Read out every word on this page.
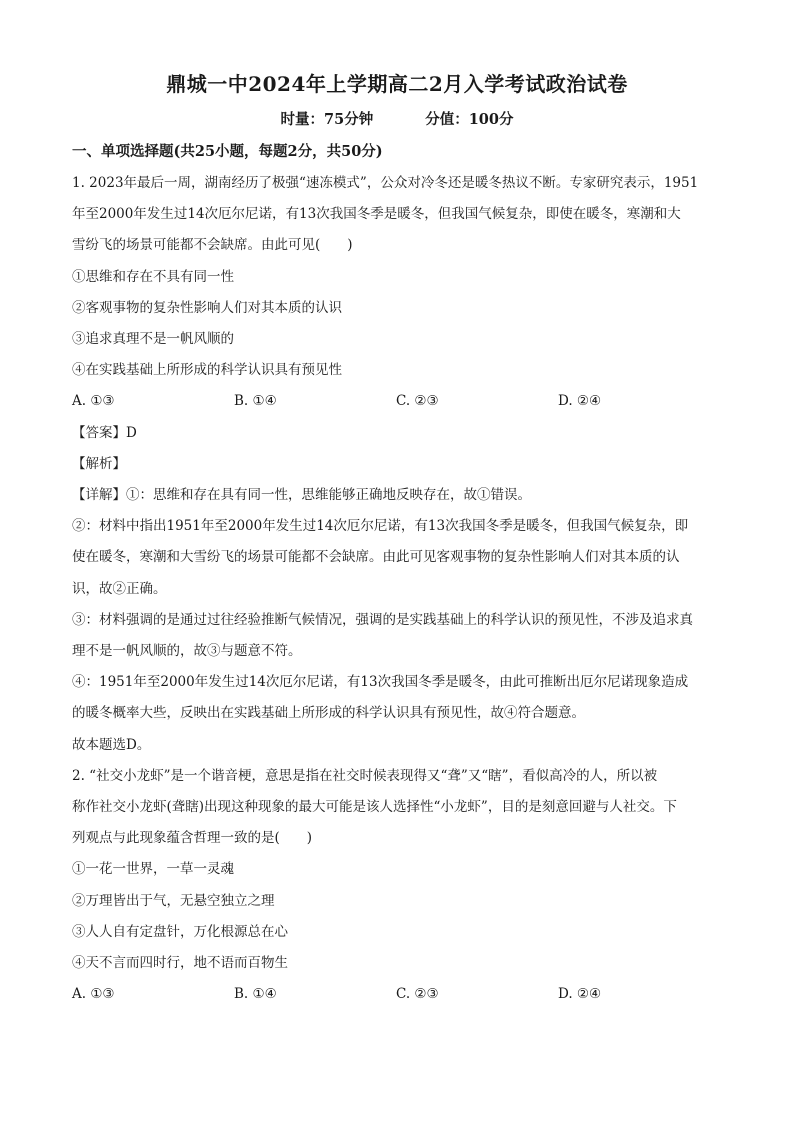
鼎城一中2024年上学期高二2月入学考试政治试卷
时量：75分钟	分值：100分
一、单项选择题(共25小题，每题2分，共50分)

1. 2023年最后一周，湖南经历了极强“速冻模式”，公众对冷冬还是暖冬热议不断。专家研究表示，1951

年至2000年发生过14次厄尔尼诺，有13次我国冬季是暖冬，但我国气候复杂，即使在暖冬，寒潮和大

雪纷飞的场景可能都不会缺席。由此可见(　　)

①思维和存在不具有同一性

②客观事物的复杂性影响人们对其本质的认识

③追求真理不是一帆风顺的

④在实践基础上所形成的科学认识具有预见性

A. ①③	B. ①④	C. ②③	D. ②④

【答案】D

【解析】

【详解】①：思维和存在具有同一性，思维能够正确地反映存在，故①错误。

②：材料中指出1951年至2000年发生过14次厄尔尼诺，有13次我国冬季是暖冬，但我国气候复杂，即

使在暖冬，寒潮和大雪纷飞的场景可能都不会缺席。由此可见客观事物的复杂性影响人们对其本质的认

识，故②正确。

③：材料强调的是通过过往经验推断气候情况，强调的是实践基础上的科学认识的预见性，不涉及追求真

理不是一帆风顺的，故③与题意不符。

④：1951年至2000年发生过14次厄尔尼诺，有13次我国冬季是暖冬，由此可推断出厄尔尼诺现象造成

的暖冬概率大些，反映出在实践基础上所形成的科学认识具有预见性，故④符合题意。

故本题选D。

2. “社交小龙虾”是一个谐音梗，意思是指在社交时候表现得又“聋”又“瞎”，看似高冷的人，所以被

称作社交小龙虾(聋瞎)出现这种现象的最大可能是该人选择性“小龙虾”，目的是刻意回避与人社交。下

列观点与此现象蕴含哲理一致的是(　　)

①一花一世界，一草一灵魂

②万理皆出于气，无悬空独立之理

③人人自有定盘针，万化根源总在心

④天不言而四时行，地不语而百物生

A. ①③	B. ①④	C. ②③	D. ②④
